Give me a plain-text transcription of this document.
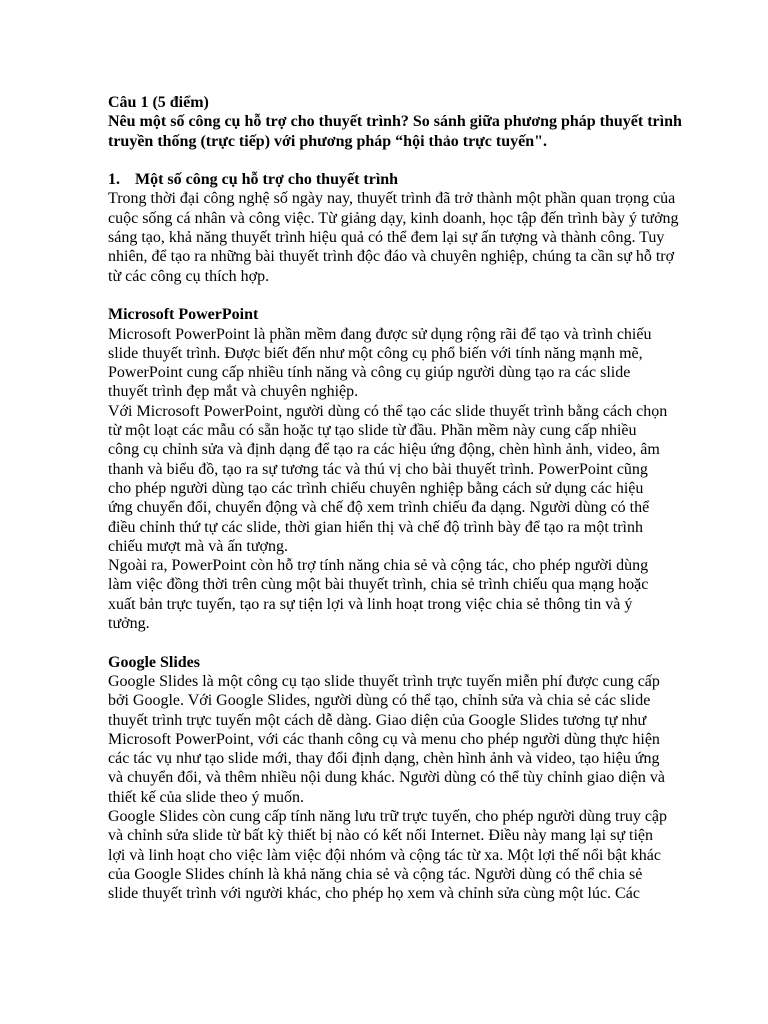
Câu 1 (5 điểm)

Nêu một số công cụ hỗ trợ cho thuyết trình? So sánh giữa phương pháp thuyết trình

truyền thống (trực tiếp) với phương pháp “hội thảo trực tuyến".

1. Một số công cụ hỗ trợ cho thuyết trình

Trong thời đại công nghệ số ngày nay, thuyết trình đã trở thành một phần quan trọng của

cuộc sống cá nhân và công việc. Từ giảng dạy, kinh doanh, học tập đến trình bày ý tưởng

sáng tạo, khả năng thuyết trình hiệu quả có thể đem lại sự ấn tượng và thành công. Tuy

nhiên, để tạo ra những bài thuyết trình độc đáo và chuyên nghiệp, chúng ta cần sự hỗ trợ

từ các công cụ thích hợp.

Microsoft PowerPoint

Microsoft PowerPoint là phần mềm đang được sử dụng rộng rãi để tạo và trình chiếu

slide thuyết trình. Được biết đến như một công cụ phổ biến với tính năng mạnh mẽ,

PowerPoint cung cấp nhiều tính năng và công cụ giúp người dùng tạo ra các slide

thuyết trình đẹp mắt và chuyên nghiệp.

Với Microsoft PowerPoint, người dùng có thể tạo các slide thuyết trình bằng cách chọn

từ một loạt các mẫu có sẵn hoặc tự tạo slide từ đầu. Phần mềm này cung cấp nhiều

công cụ chỉnh sửa và định dạng để tạo ra các hiệu ứng động, chèn hình ảnh, video, âm

thanh và biểu đồ, tạo ra sự tương tác và thú vị cho bài thuyết trình. PowerPoint cũng

cho phép người dùng tạo các trình chiếu chuyên nghiệp bằng cách sử dụng các hiệu

ứng chuyển đổi, chuyển động và chế độ xem trình chiếu đa dạng. Người dùng có thể

điều chỉnh thứ tự các slide, thời gian hiển thị và chế độ trình bày để tạo ra một trình

chiếu mượt mà và ấn tượng.

Ngoài ra, PowerPoint còn hỗ trợ tính năng chia sẻ và cộng tác, cho phép người dùng

làm việc đồng thời trên cùng một bài thuyết trình, chia sẻ trình chiếu qua mạng hoặc

xuất bản trực tuyến, tạo ra sự tiện lợi và linh hoạt trong việc chia sẻ thông tin và ý

tưởng.

Google Slides

Google Slides là một công cụ tạo slide thuyết trình trực tuyến miễn phí được cung cấp

bởi Google. Với Google Slides, người dùng có thể tạo, chỉnh sửa và chia sẻ các slide

thuyết trình trực tuyến một cách dễ dàng. Giao diện của Google Slides tương tự như

Microsoft PowerPoint, với các thanh công cụ và menu cho phép người dùng thực hiện

các tác vụ như tạo slide mới, thay đổi định dạng, chèn hình ảnh và video, tạo hiệu ứng

và chuyển đổi, và thêm nhiều nội dung khác. Người dùng có thể tùy chỉnh giao diện và

thiết kế của slide theo ý muốn.

Google Slides còn cung cấp tính năng lưu trữ trực tuyến, cho phép người dùng truy cập

và chỉnh sửa slide từ bất kỳ thiết bị nào có kết nối Internet. Điều này mang lại sự tiện

lợi và linh hoạt cho việc làm việc đội nhóm và cộng tác từ xa. Một lợi thế nổi bật khác

của Google Slides chính là khả năng chia sẻ và cộng tác. Người dùng có thể chia sẻ

slide thuyết trình với người khác, cho phép họ xem và chỉnh sửa cùng một lúc. Các
